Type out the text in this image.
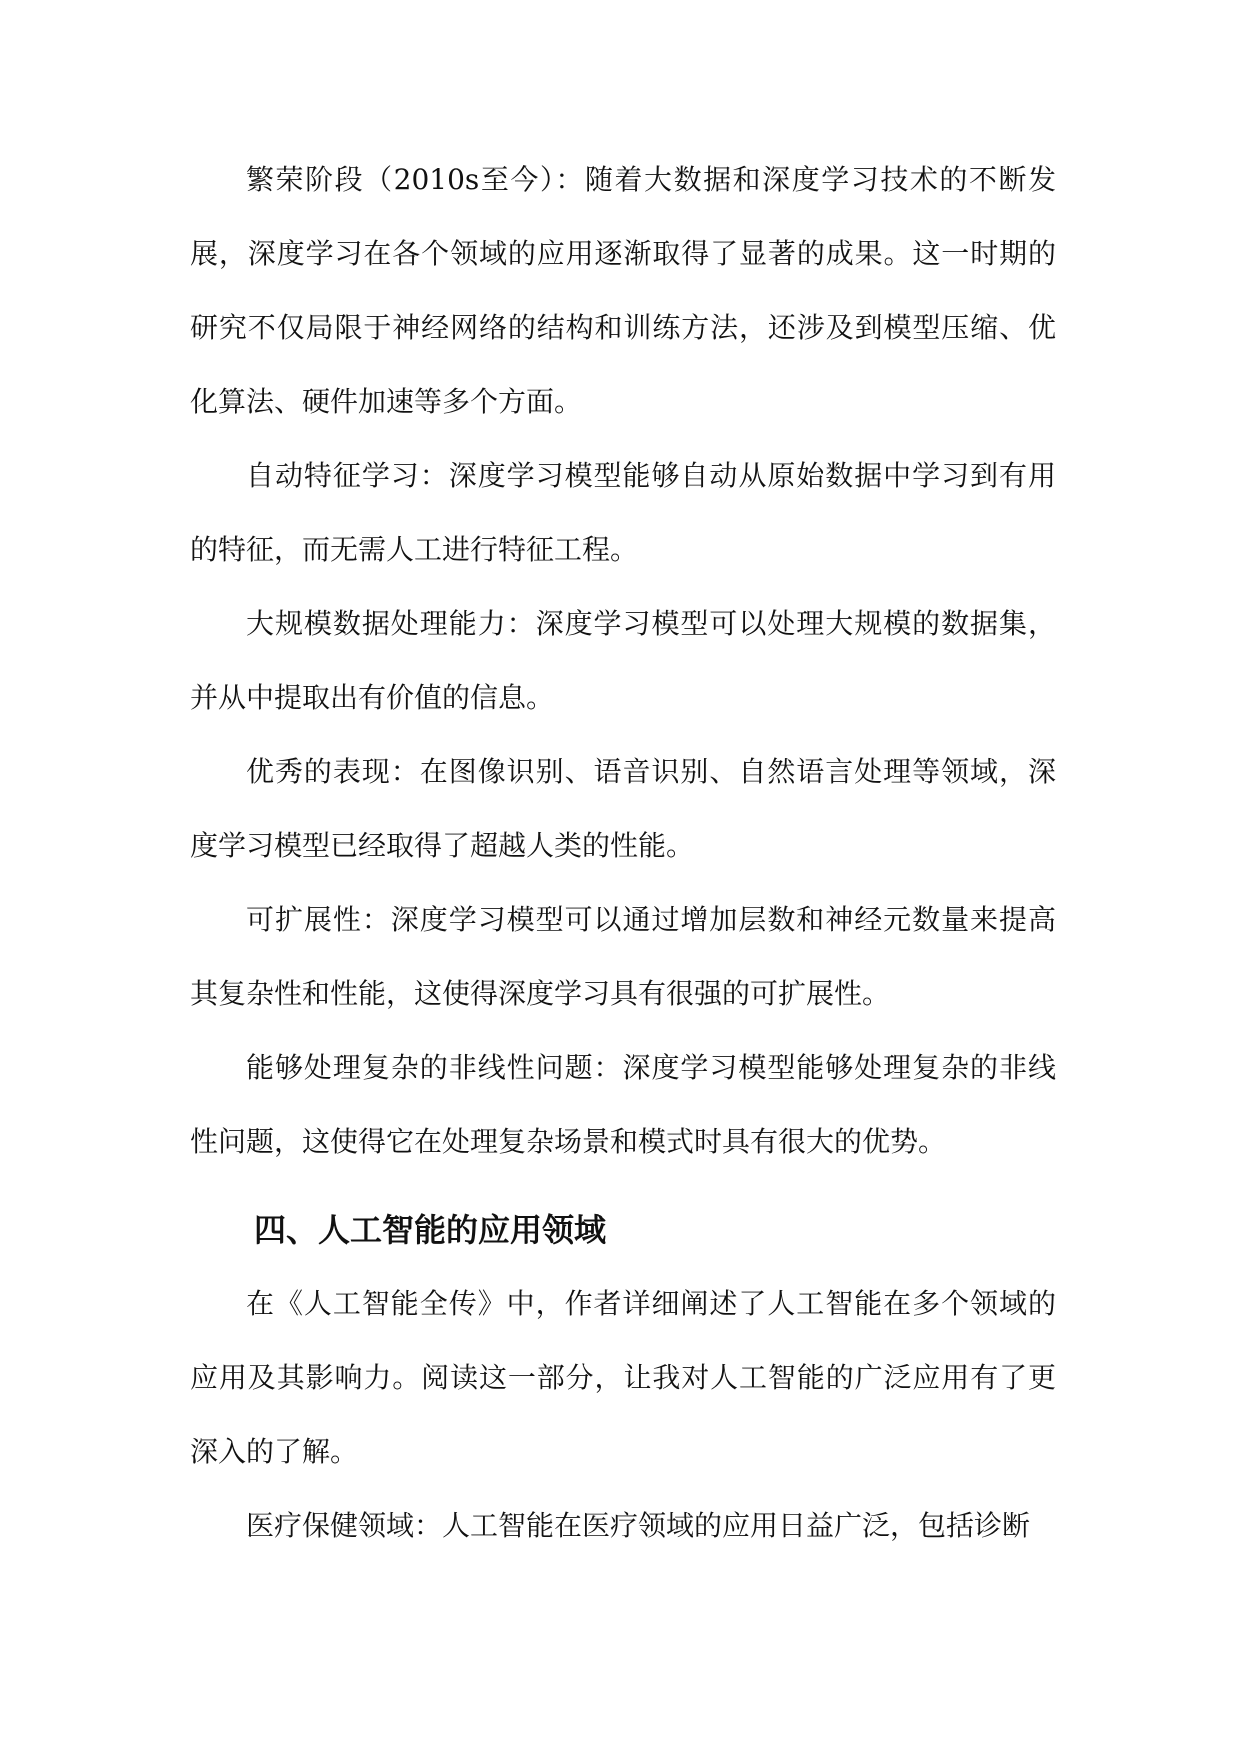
繁荣阶段（2010s至今）：随着大数据和深度学习技术的不断发展，深度学习在各个领域的应用逐渐取得了显著的成果。这一时期的研究不仅局限于神经网络的结构和训练方法，还涉及到模型压缩、优化算法、硬件加速等多个方面。

自动特征学习：深度学习模型能够自动从原始数据中学习到有用的特征，而无需人工进行特征工程。

大规模数据处理能力：深度学习模型可以处理大规模的数据集，并从中提取出有价值的信息。

优秀的表现：在图像识别、语音识别、自然语言处理等领域，深度学习模型已经取得了超越人类的性能。

可扩展性：深度学习模型可以通过增加层数和神经元数量来提高其复杂性和性能，这使得深度学习具有很强的可扩展性。

能够处理复杂的非线性问题：深度学习模型能够处理复杂的非线性问题，这使得它在处理复杂场景和模式时具有很大的优势。

四、人工智能的应用领域

在《人工智能全传》中，作者详细阐述了人工智能在多个领域的应用及其影响力。阅读这一部分，让我对人工智能的广泛应用有了更深入的了解。

医疗保健领域：人工智能在医疗领域的应用日益广泛，包括诊断
